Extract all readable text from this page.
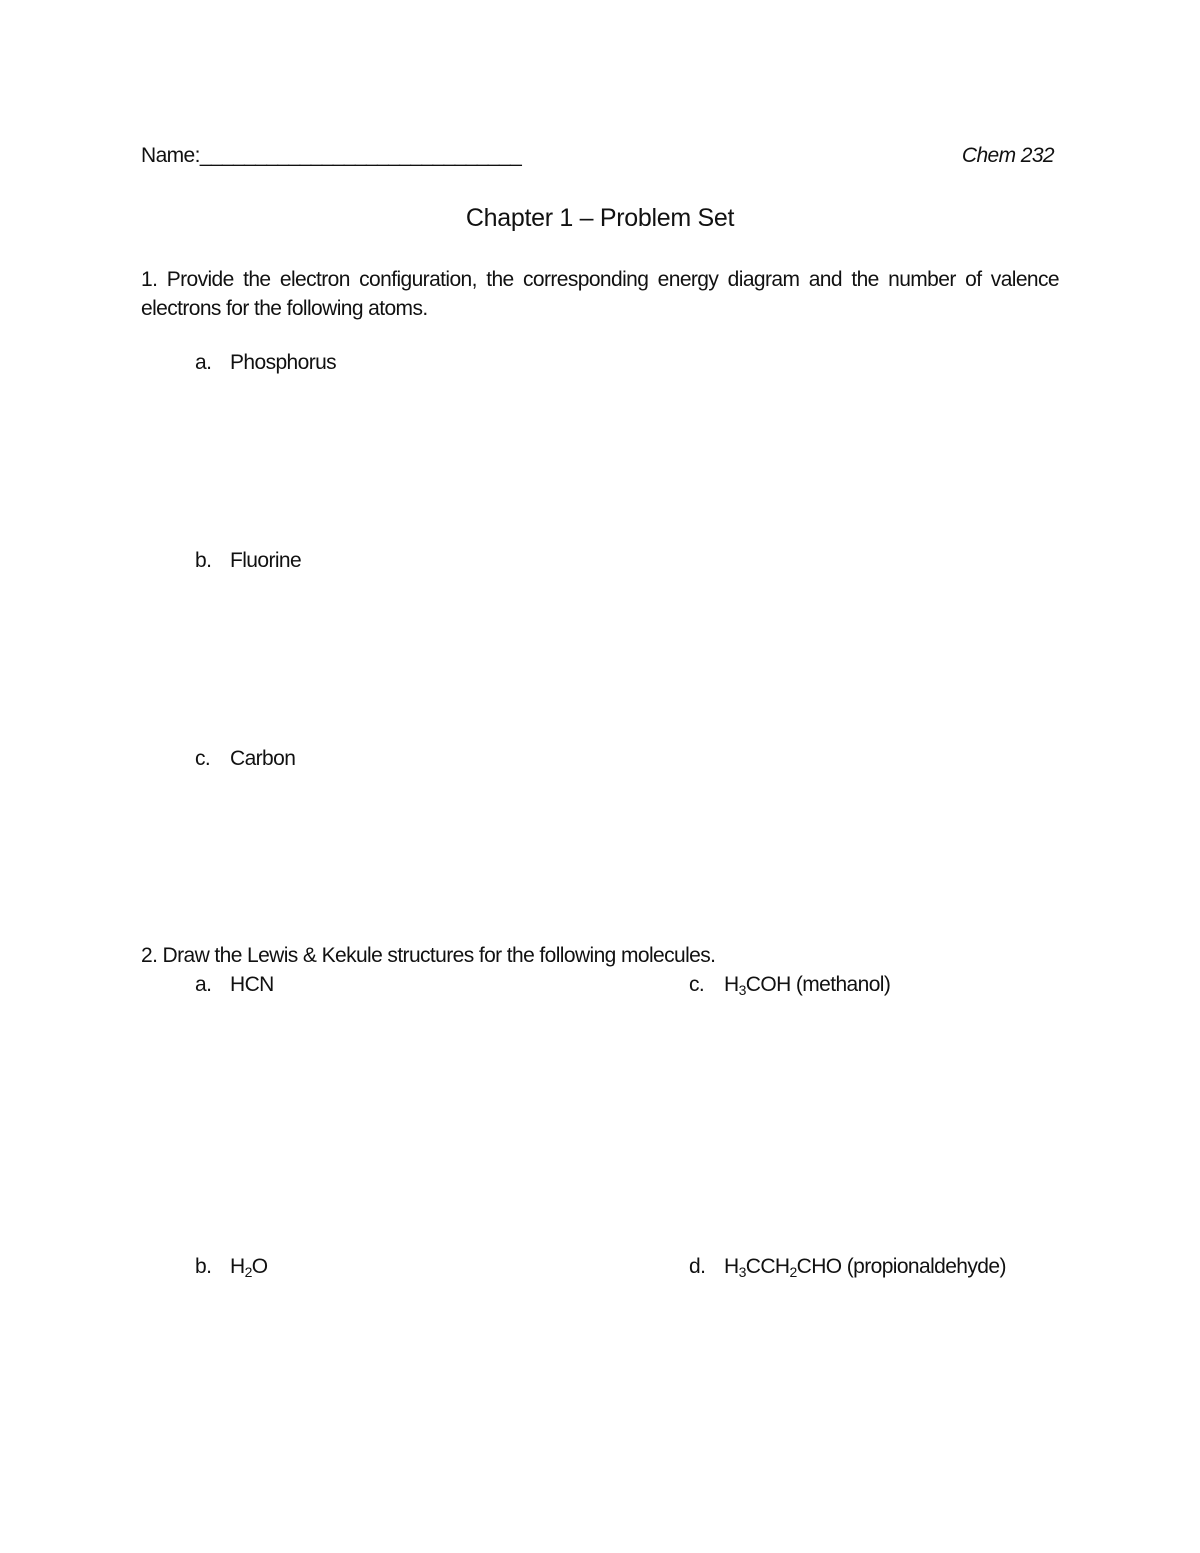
Name:_____________________________	Chem 232
Chapter 1 – Problem Set
1. Provide the electron configuration, the corresponding energy diagram and the number of valence electrons for the following atoms.
a. Phosphorus
b. Fluorine
c. Carbon
2. Draw the Lewis & Kekule structures for the following molecules.
a. HCN	c. $H_3COH$ (methanol)
b. $H_2O$	d. $H_3CCH_2CHO$ (propionaldehyde)
